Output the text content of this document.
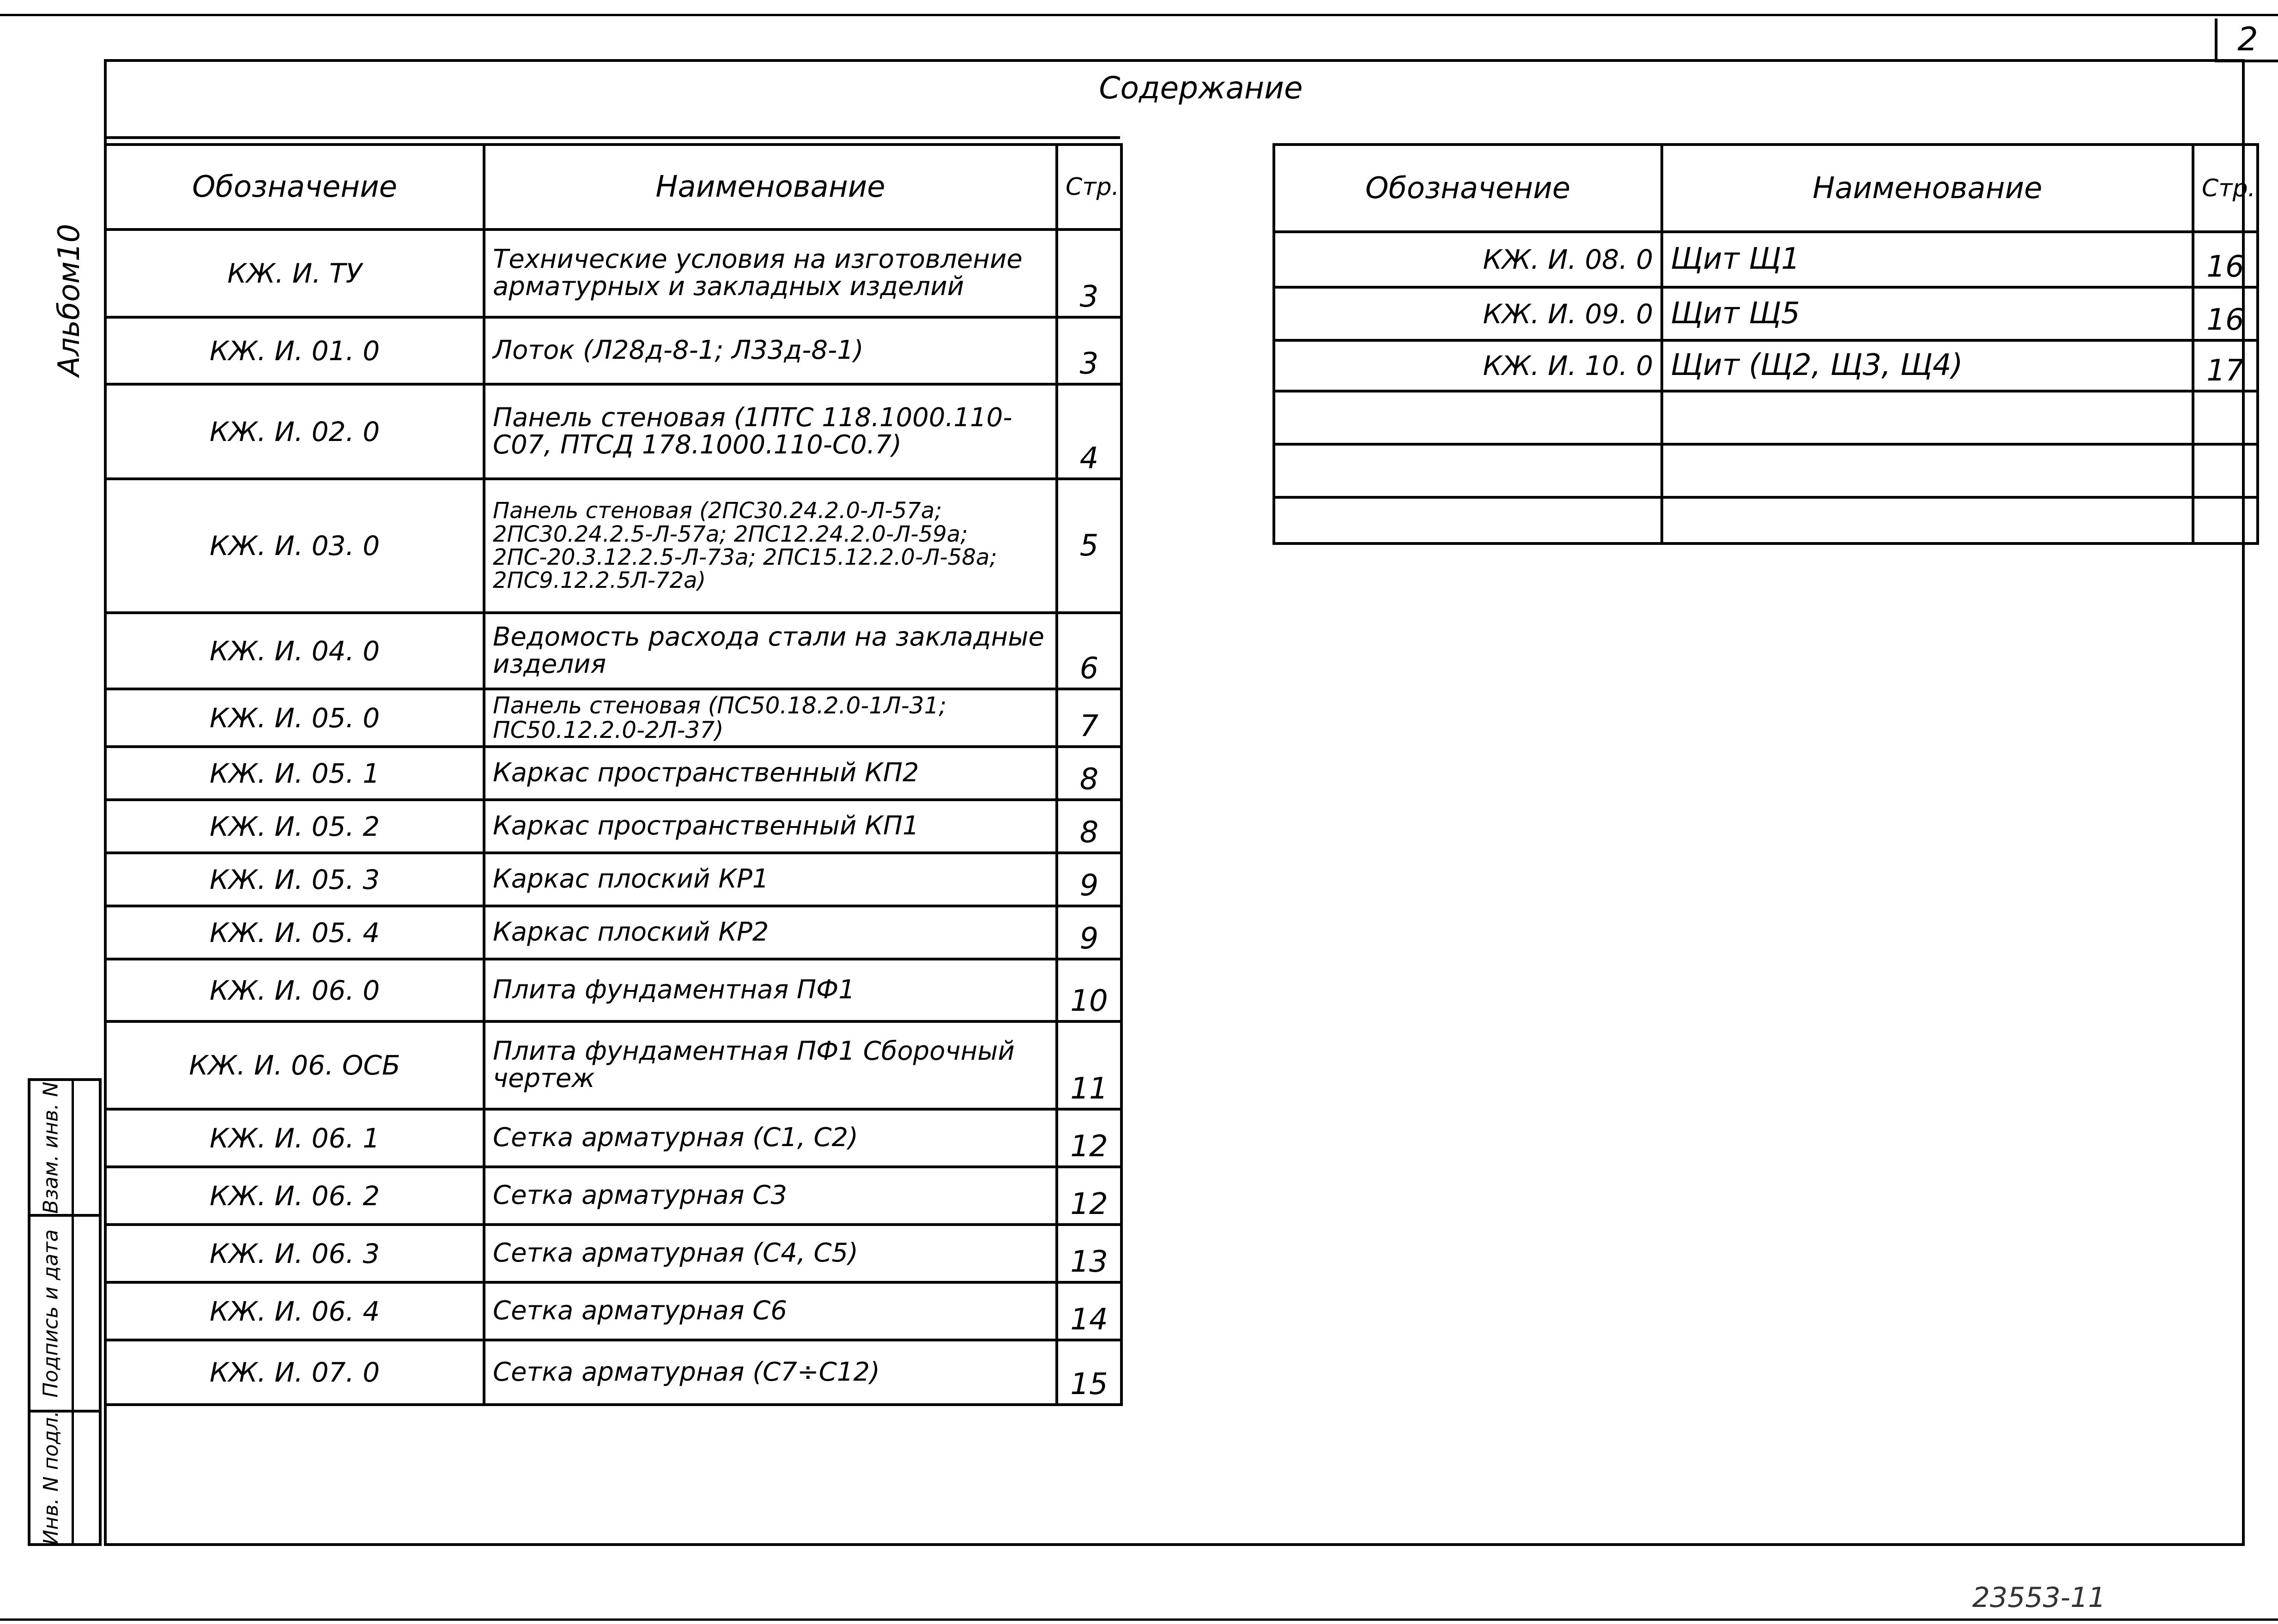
2
Содержание
Альбом10
Обозначение	Наименование	Стр.
КЖ. И. ТУ	Технические условия на изготовление арматурных и закладных изделий	3
КЖ. И. 01. 0	Лоток (Л28д-8-1; Л33д-8-1)	3
КЖ. И. 02. 0	Панель стеновая (1ПТС 118.1000.110-С07, ПТСД 178.1000.110-С0.7)	4
КЖ. И. 03. 0	Панель стеновая (2ПС30.24.2.0-Л-57а; 2ПС30.24.2.5-Л-57а; 2ПС12.24.2.0-Л-59а; 2ПС-20.3.12.2.5-Л-73а; 2ПС15.12.2.0-Л-58а; 2ПС9.12.2.5Л-72а)	5
КЖ. И. 04. 0	Ведомость расхода стали на закладные изделия	6
КЖ. И. 05. 0	Панель стеновая (ПС50.18.2.0-1Л-31; ПС50.12.2.0-2Л-37)	7
КЖ. И. 05. 1	Каркас пространственный КП2	8
КЖ. И. 05. 2	Каркас пространственный КП1	8
КЖ. И. 05. 3	Каркас плоский КР1	9
КЖ. И. 05. 4	Каркас плоский КР2	9
КЖ. И. 06. 0	Плита фундаментная ПФ1	10
КЖ. И. 06. ОСБ	Плита фундаментная ПФ1 Сборочный чертеж	11
КЖ. И. 06. 1	Сетка арматурная (С1, С2)	12
КЖ. И. 06. 2	Сетка арматурная С3	12
КЖ. И. 06. 3	Сетка арматурная (С4, С5)	13
КЖ. И. 06. 4	Сетка арматурная С6	14
КЖ. И. 07. 0	Сетка арматурная (С7÷С12)	15
Обозначение	Наименование	Стр.
КЖ. И. 08. 0	Щит Щ1	16
КЖ. И. 09. 0	Щит Щ5	16
КЖ. И. 10. 0	Щит (Щ2, Щ3, Щ4)	17

Взам. инв. N
Подпись и дата
Инв. N подл.
23553-11
